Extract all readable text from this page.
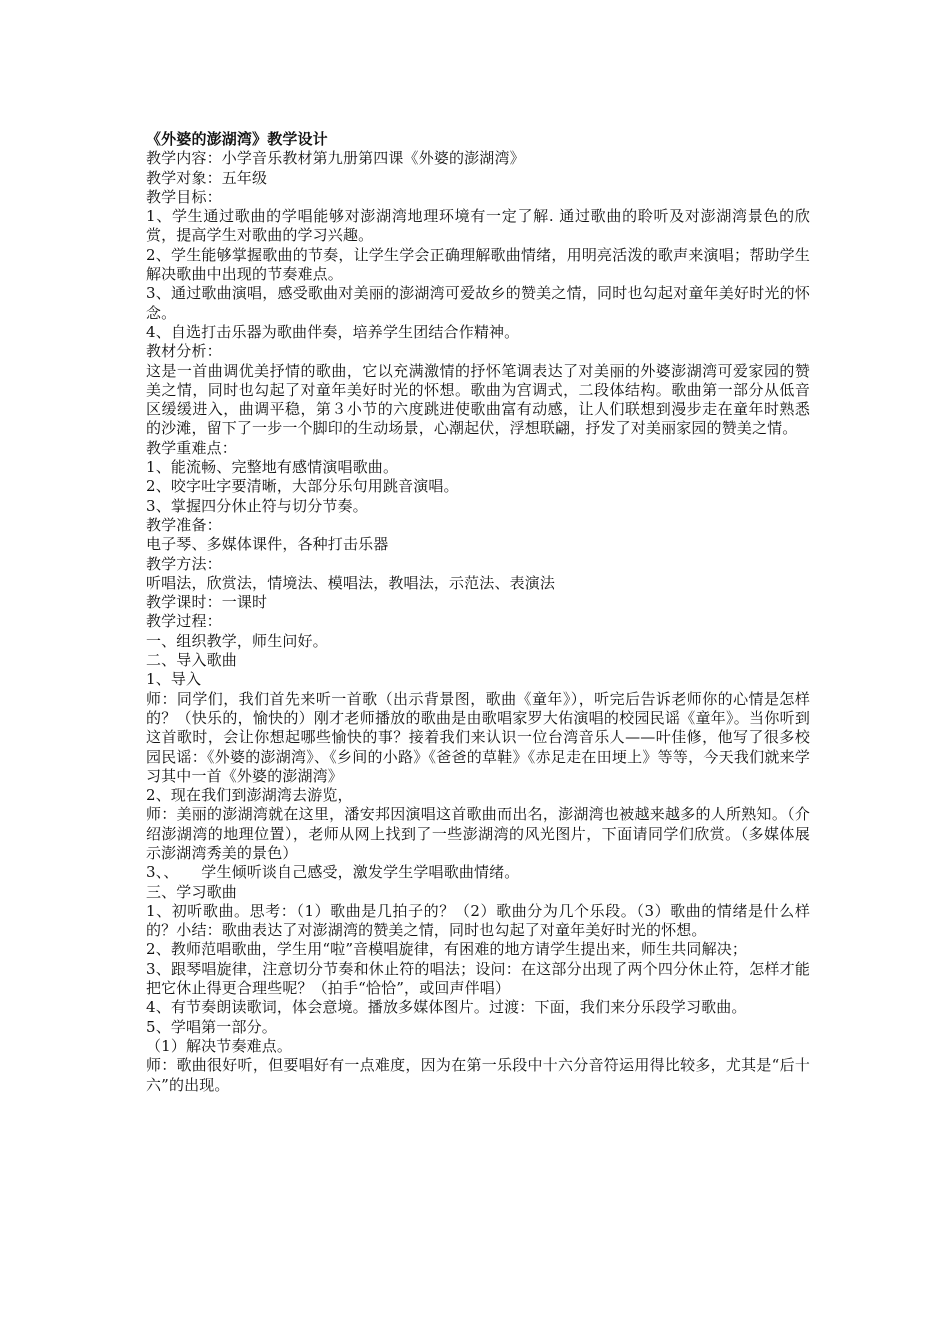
《外婆的澎湖湾》教学设计

教学内容：小学音乐教材第九册第四课《外婆的澎湖湾》

教学对象：五年级

教学目标：

1、学生通过歌曲的学唱能够对澎湖湾地理环境有一定了解. 通过歌曲的聆听及对澎湖湾景色的欣赏，提高学生对歌曲的学习兴趣。

2、学生能够掌握歌曲的节奏，让学生学会正确理解歌曲情绪，用明亮活泼的歌声来演唱；帮助学生解决歌曲中出现的节奏难点。

3、通过歌曲演唱，感受歌曲对美丽的澎湖湾可爱故乡的赞美之情，同时也勾起对童年美好时光的怀念。

4、自选打击乐器为歌曲伴奏，培养学生团结合作精神。

教材分析：

这是一首曲调优美抒情的歌曲，它以充满激情的抒怀笔调表达了对美丽的外婆澎湖湾可爱家园的赞美之情，同时也勾起了对童年美好时光的怀想。歌曲为宫调式，二段体结构。歌曲第一部分从低音区缓缓进入，曲调平稳，第３小节的六度跳进使歌曲富有动感，让人们联想到漫步走在童年时熟悉的沙滩，留下了一步一个脚印的生动场景，心潮起伏，浮想联翩，抒发了对美丽家园的赞美之情。

教学重难点：

1、能流畅、完整地有感情演唱歌曲。

2、咬字吐字要清晰，大部分乐句用跳音演唱。

3、掌握四分休止符与切分节奏。

教学准备：

电子琴、多媒体课件，各种打击乐器

教学方法：

听唱法，欣赏法，情境法、模唱法，教唱法，示范法、表演法

教学课时：一课时

教学过程：

一、组织教学，师生问好。

二、导入歌曲

1、导入

师：同学们，我们首先来听一首歌（出示背景图，歌曲《童年》），听完后告诉老师你的心情是怎样的？（快乐的，愉快的）刚才老师播放的歌曲是由歌唱家罗大佑演唱的校园民谣《童年》。当你听到这首歌时，会让你想起哪些愉快的事？接着我们来认识一位台湾音乐人——叶佳修，他写了很多校园民谣：《外婆的澎湖湾》、《乡间的小路》《爸爸的草鞋》《赤足走在田埂上》等等，今天我们就来学习其中一首《外婆的澎湖湾》

2、现在我们到澎湖湾去游览，

师：美丽的澎湖湾就在这里，潘安邦因演唱这首歌曲而出名，澎湖湾也被越来越多的人所熟知。（介绍澎湖湾的地理位置），老师从网上找到了一些澎湖湾的风光图片，下面请同学们欣赏。（多媒体展示澎湖湾秀美的景色）

3、、　　学生倾听谈自己感受，激发学生学唱歌曲情绪。

三、学习歌曲

1、初听歌曲。思考：（1）歌曲是几拍子的？（2）歌曲分为几个乐段。（3）歌曲的情绪是什么样的？小结：歌曲表达了对澎湖湾的赞美之情，同时也勾起了对童年美好时光的怀想。

2、教师范唱歌曲，学生用“啦”音模唱旋律，有困难的地方请学生提出来，师生共同解决；

3、跟琴唱旋律，注意切分节奏和休止符的唱法；设问：在这部分出现了两个四分休止符，怎样才能把它休止得更合理些呢？（拍手“恰恰”，或回声伴唱）

4、有节奏朗读歌词，体会意境。播放多媒体图片。过渡：下面，我们来分乐段学习歌曲。

5、学唱第一部分。

（1）解决节奏难点。

师：歌曲很好听，但要唱好有一点难度，因为在第一乐段中十六分音符运用得比较多，尤其是“后十六”的出现。
